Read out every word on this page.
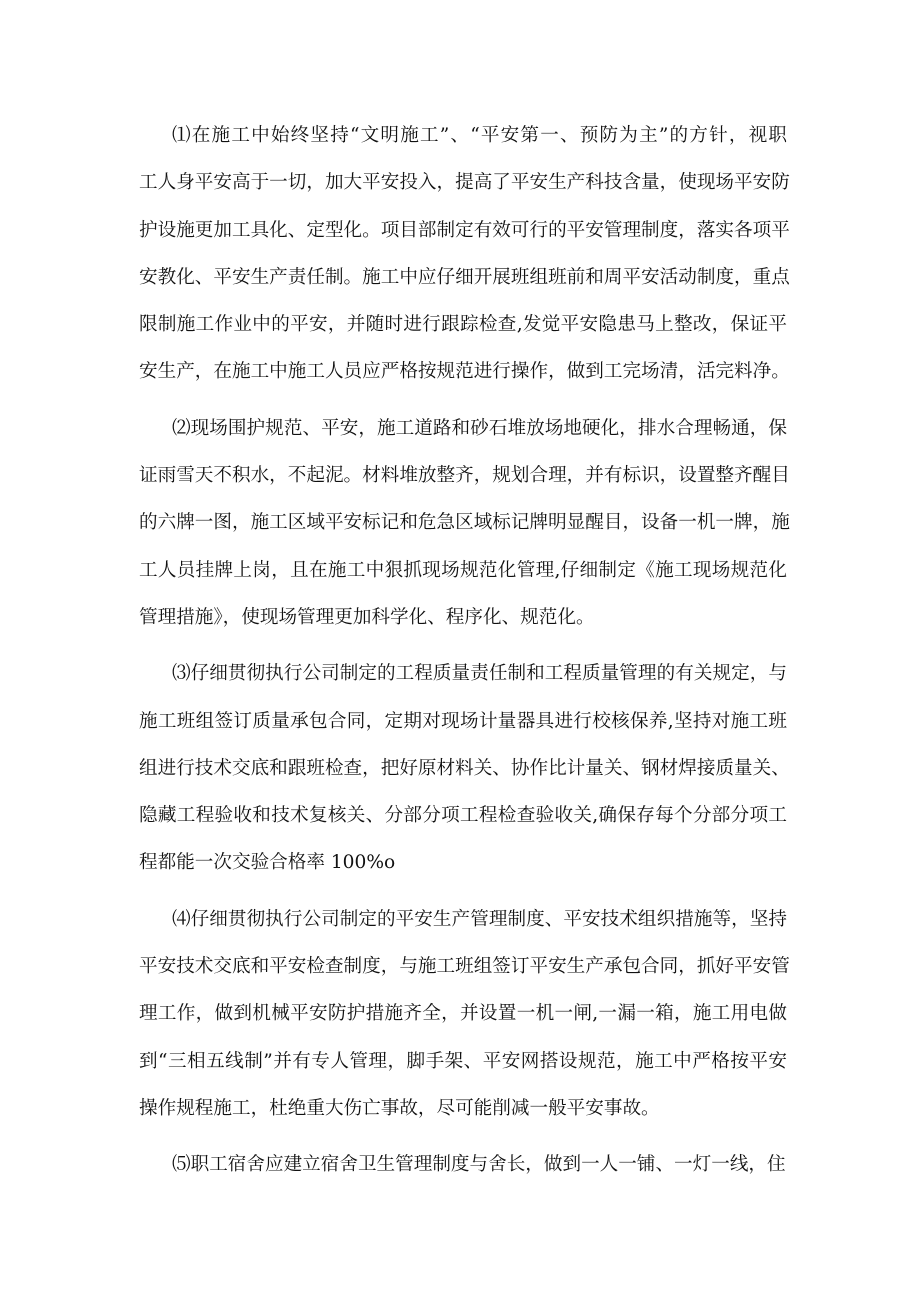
⑴在施工中始终坚持“文明施工”、“平安第一、预防为主”的方针，视职
工人身平安高于一切，加大平安投入，提高了平安生产科技含量，使现场平安防
护设施更加工具化、定型化。项目部制定有效可行的平安管理制度，落实各项平
安教化、平安生产责任制。施工中应仔细开展班组班前和周平安活动制度，重点
限制施工作业中的平安，并随时进行跟踪检查,发觉平安隐患马上整改，保证平
安生产，在施工中施工人员应严格按规范进行操作，做到工完场清，活完料净。

⑵现场围护规范、平安，施工道路和砂石堆放场地硬化，排水合理畅通，保
证雨雪天不积水，不起泥。材料堆放整齐，规划合理，并有标识，设置整齐醒目
的六牌一图，施工区域平安标记和危急区域标记牌明显醒目，设备一机一牌，施
工人员挂牌上岗，且在施工中狠抓现场规范化管理,仔细制定《施工现场规范化
管理措施》，使现场管理更加科学化、程序化、规范化。

⑶仔细贯彻执行公司制定的工程质量责任制和工程质量管理的有关规定，与
施工班组签订质量承包合同，定期对现场计量器具进行校核保养,坚持对施工班
组进行技术交底和跟班检查，把好原材料关、协作比计量关、钢材焊接质量关、
隐藏工程验收和技术复核关、分部分项工程检查验收关,确保存每个分部分项工
程都能一次交验合格率 100%o

⑷仔细贯彻执行公司制定的平安生产管理制度、平安技术组织措施等，坚持
平安技术交底和平安检查制度，与施工班组签订平安生产承包合同，抓好平安管
理工作，做到机械平安防护措施齐全，并设置一机一闸,一漏一箱，施工用电做
到“三相五线制”并有专人管理，脚手架、平安网搭设规范，施工中严格按平安
操作规程施工，杜绝重大伤亡事故，尽可能削减一般平安事故。

⑸职工宿舍应建立宿舍卫生管理制度与舍长，做到一人一铺、一灯一线，住
